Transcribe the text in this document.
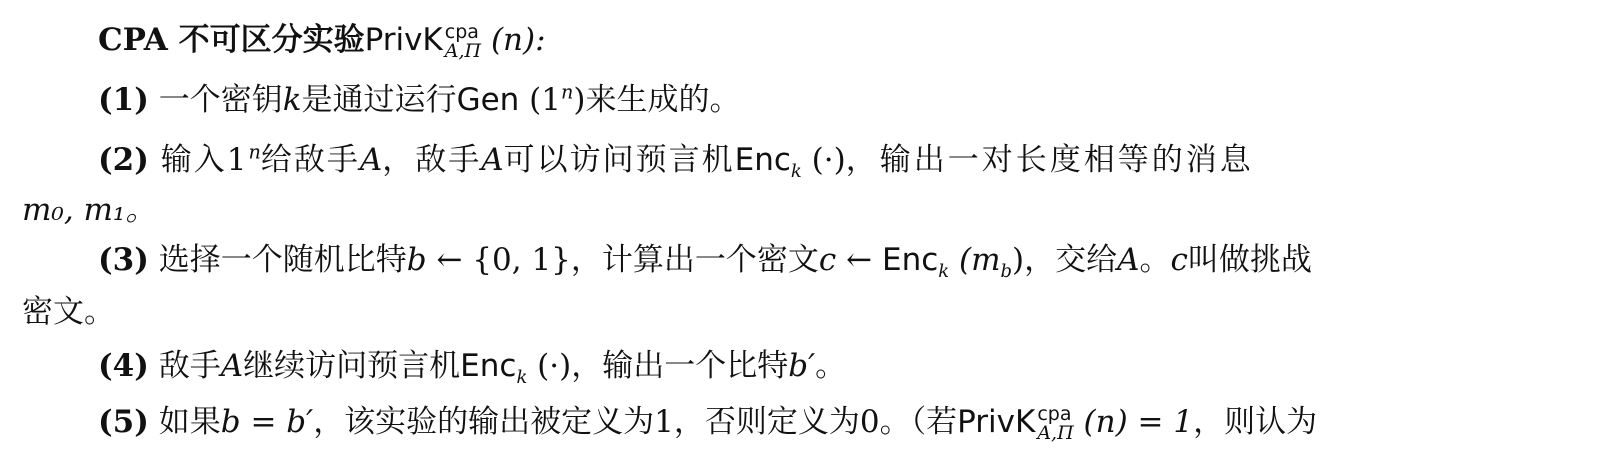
CPA 不可区分实验PrivK cpa
A,Π (n):
(1) 一个密钥k是通过运行Gen (1$^n$)来生成的。
(2) 输入1$^n$给敌手A，敌手A可以访问预言机Enc$_k$ (·)，输出一对长度相等的消息
m₀, m₁。
(3) 选择一个随机比特b ← {0, 1}，计算出一个密文c ← Enc$_k$ $(m_b)$，交给A。c叫做挑战
密文。
(4) 敌手A继续访问预言机Enc$_k$ (·)，输出一个比特b′。
(5) 如果b = b′，该实验的输出被定义为1，否则定义为0。（若PrivK cpa
A,Π (n) = 1，则认为
